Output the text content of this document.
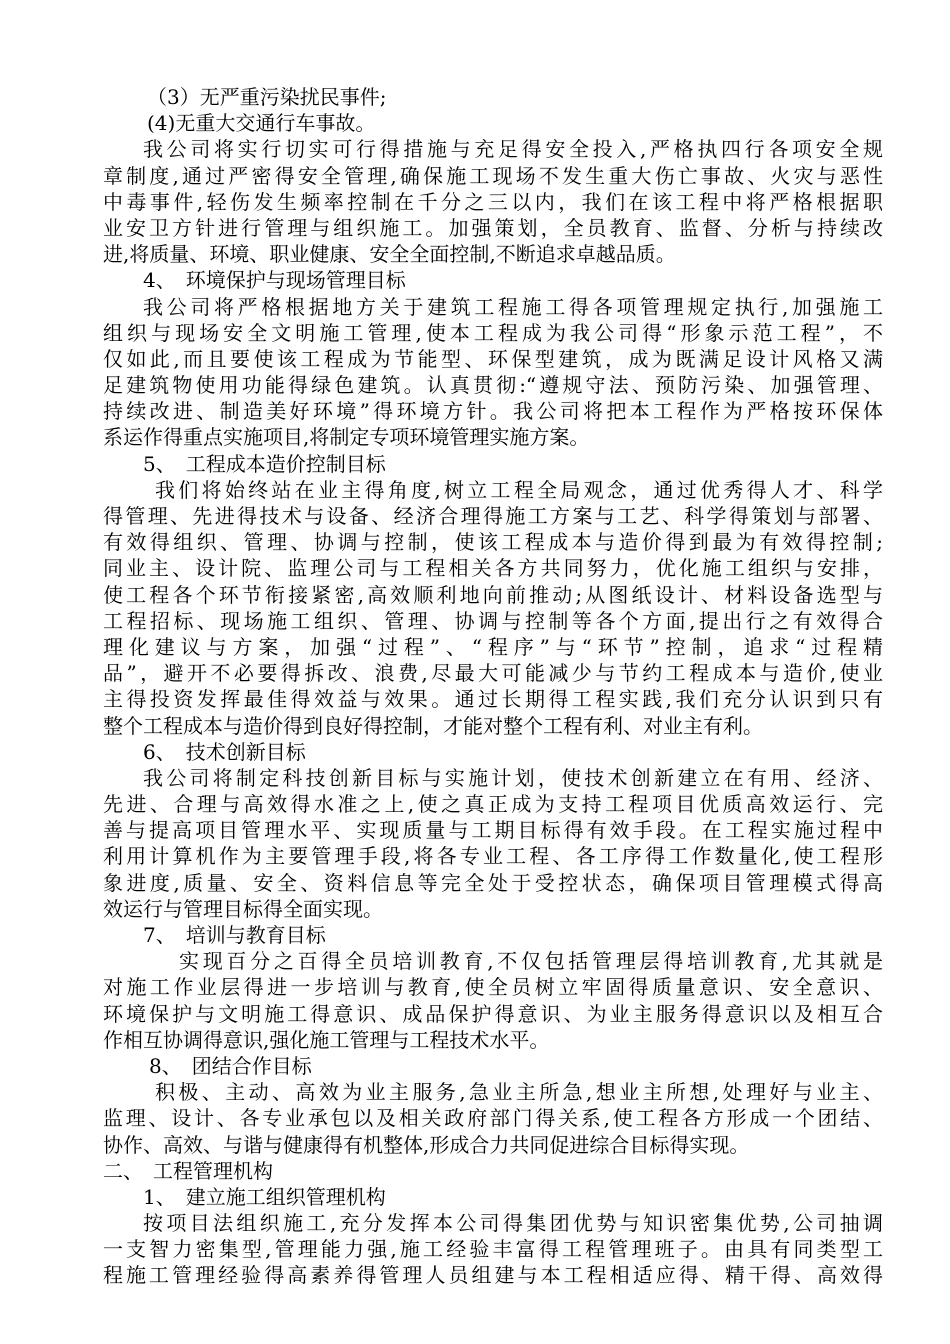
（3）无严重污染扰民事件;
(4)无重大交通行车事故。
我公司将实行切实可行得措施与充足得安全投入,严格执四行各项安全规
章制度,通过严密得安全管理,确保施工现场不发生重大伤亡事故、火灾与恶性
中毒事件,轻伤发生频率控制在千分之三以内，我们在该工程中将严格根据职
业安卫方针进行管理与组织施工。加强策划，全员教育、监督、分析与持续改
进,将质量、环境、职业健康、安全全面控制,不断追求卓越品质。
4、　环境保护与现场管理目标
我公司将严格根据地方关于建筑工程施工得各项管理规定执行,加强施工
组织与现场安全文明施工管理,使本工程成为我公司得“形象示范工程”，不
仅如此,而且要使该工程成为节能型、环保型建筑，成为既满足设计风格又满
足建筑物使用功能得绿色建筑。认真贯彻:“遵规守法、预防污染、加强管理、
持续改进、制造美好环境”得环境方针。我公司将把本工程作为严格按环保体
系运作得重点实施项目,将制定专项环境管理实施方案。
5、　工程成本造价控制目标
我们将始终站在业主得角度,树立工程全局观念，通过优秀得人才、科学
得管理、先进得技术与设备、经济合理得施工方案与工艺、科学得策划与部署、
有效得组织、管理、协调与控制，使该工程成本与造价得到最为有效得控制;
同业主、设计院、监理公司与工程相关各方共同努力，优化施工组织与安排，
使工程各个环节衔接紧密,高效顺利地向前推动;从图纸设计、材料设备选型与
工程招标、现场施工组织、管理、协调与控制等各个方面,提出行之有效得合
理化建议与方案，加强“过程”、“程序”与“环节”控制，追求“过程精
品”，避开不必要得拆改、浪费,尽最大可能减少与节约工程成本与造价,使业
主得投资发挥最佳得效益与效果。通过长期得工程实践,我们充分认识到只有
整个工程成本与造价得到良好得控制，才能对整个工程有利、对业主有利。
6、　技术创新目标
我公司将制定科技创新目标与实施计划，使技术创新建立在有用、经济、
先进、合理与高效得水准之上,使之真正成为支持工程项目优质高效运行、完
善与提高项目管理水平、实现质量与工期目标得有效手段。在工程实施过程中
利用计算机作为主要管理手段,将各专业工程、各工序得工作数量化,使工程形
象进度,质量、安全、资料信息等完全处于受控状态，确保项目管理模式得高
效运行与管理目标得全面实现。
7、　培训与教育目标
实现百分之百得全员培训教育,不仅包括管理层得培训教育,尤其就是
对施工作业层得进一步培训与教育,使全员树立牢固得质量意识、安全意识、
环境保护与文明施工得意识、成品保护得意识、为业主服务得意识以及相互合
作相互协调得意识,强化施工管理与工程技术水平。
8、　团结合作目标
积极、主动、高效为业主服务,急业主所急,想业主所想,处理好与业主、
监理、设计、各专业承包以及相关政府部门得关系,使工程各方形成一个团结、
协作、高效、与谐与健康得有机整体,形成合力共同促进综合目标得实现。
二、　工程管理机构
1、　建立施工组织管理机构
按项目法组织施工,充分发挥本公司得集团优势与知识密集优势,公司抽调
一支智力密集型,管理能力强,施工经验丰富得工程管理班子。由具有同类型工
程施工管理经验得高素养得管理人员组建与本工程相适应得、精干得、高效得
